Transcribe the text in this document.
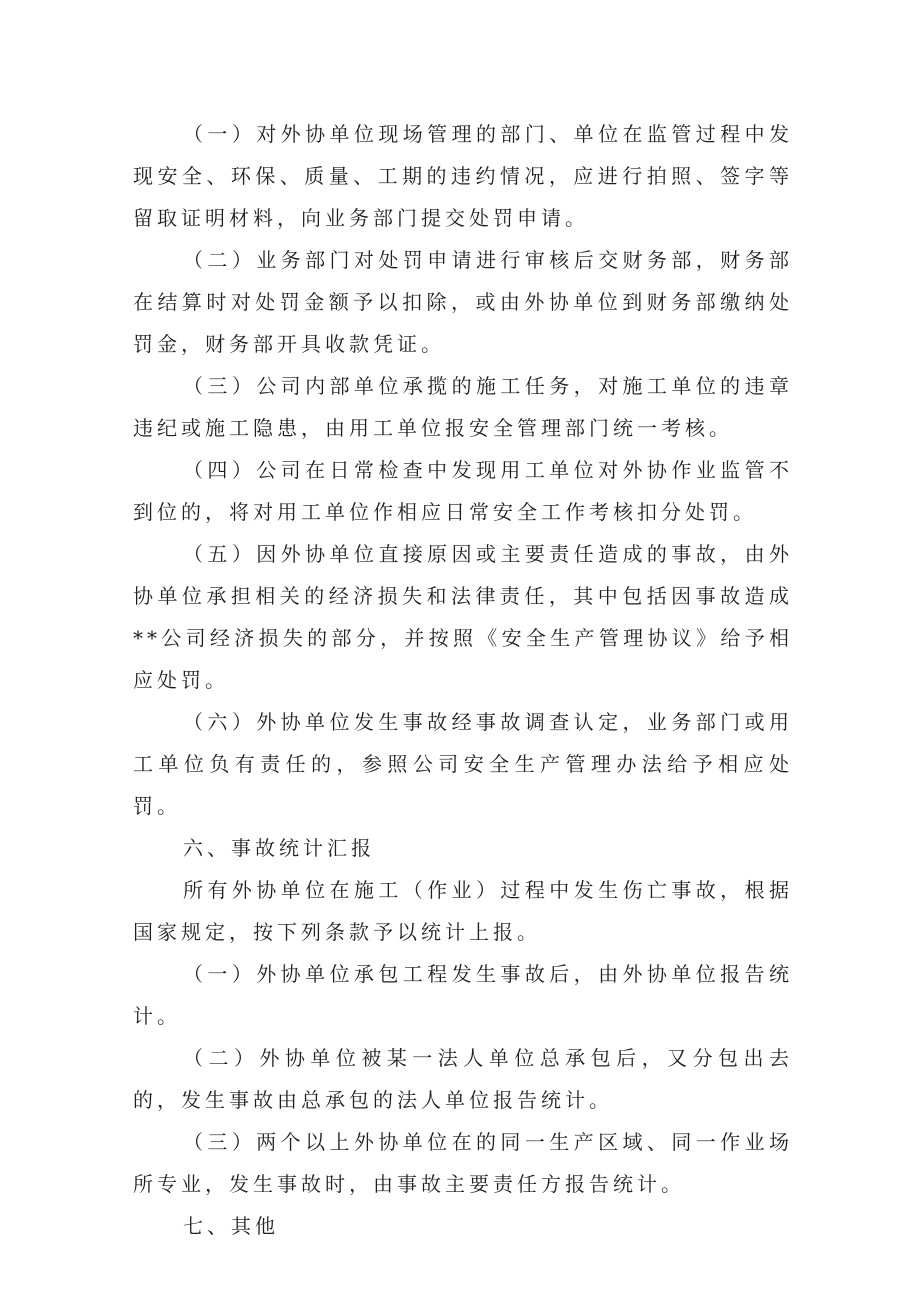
（一）对外协单位现场管理的部门、单位在监管过程中发现安全、环保、质量、工期的违约情况，应进行拍照、签字等留取证明材料，向业务部门提交处罚申请。

（二）业务部门对处罚申请进行审核后交财务部，财务部在结算时对处罚金额予以扣除，或由外协单位到财务部缴纳处罚金，财务部开具收款凭证。

（三）公司内部单位承揽的施工任务，对施工单位的违章违纪或施工隐患，由用工单位报安全管理部门统一考核。

（四）公司在日常检查中发现用工单位对外协作业监管不到位的，将对用工单位作相应日常安全工作考核扣分处罚。

（五）因外协单位直接原因或主要责任造成的事故，由外协单位承担相关的经济损失和法律责任，其中包括因事故造成**公司经济损失的部分，并按照《安全生产管理协议》给予相应处罚。

（六）外协单位发生事故经事故调查认定，业务部门或用工单位负有责任的，参照公司安全生产管理办法给予相应处罚。

六、事故统计汇报

所有外协单位在施工（作业）过程中发生伤亡事故，根据国家规定，按下列条款予以统计上报。

（一）外协单位承包工程发生事故后，由外协单位报告统计。

（二）外协单位被某一法人单位总承包后，又分包出去的，发生事故由总承包的法人单位报告统计。

（三）两个以上外协单位在的同一生产区域、同一作业场所专业，发生事故时，由事故主要责任方报告统计。

七、其他
